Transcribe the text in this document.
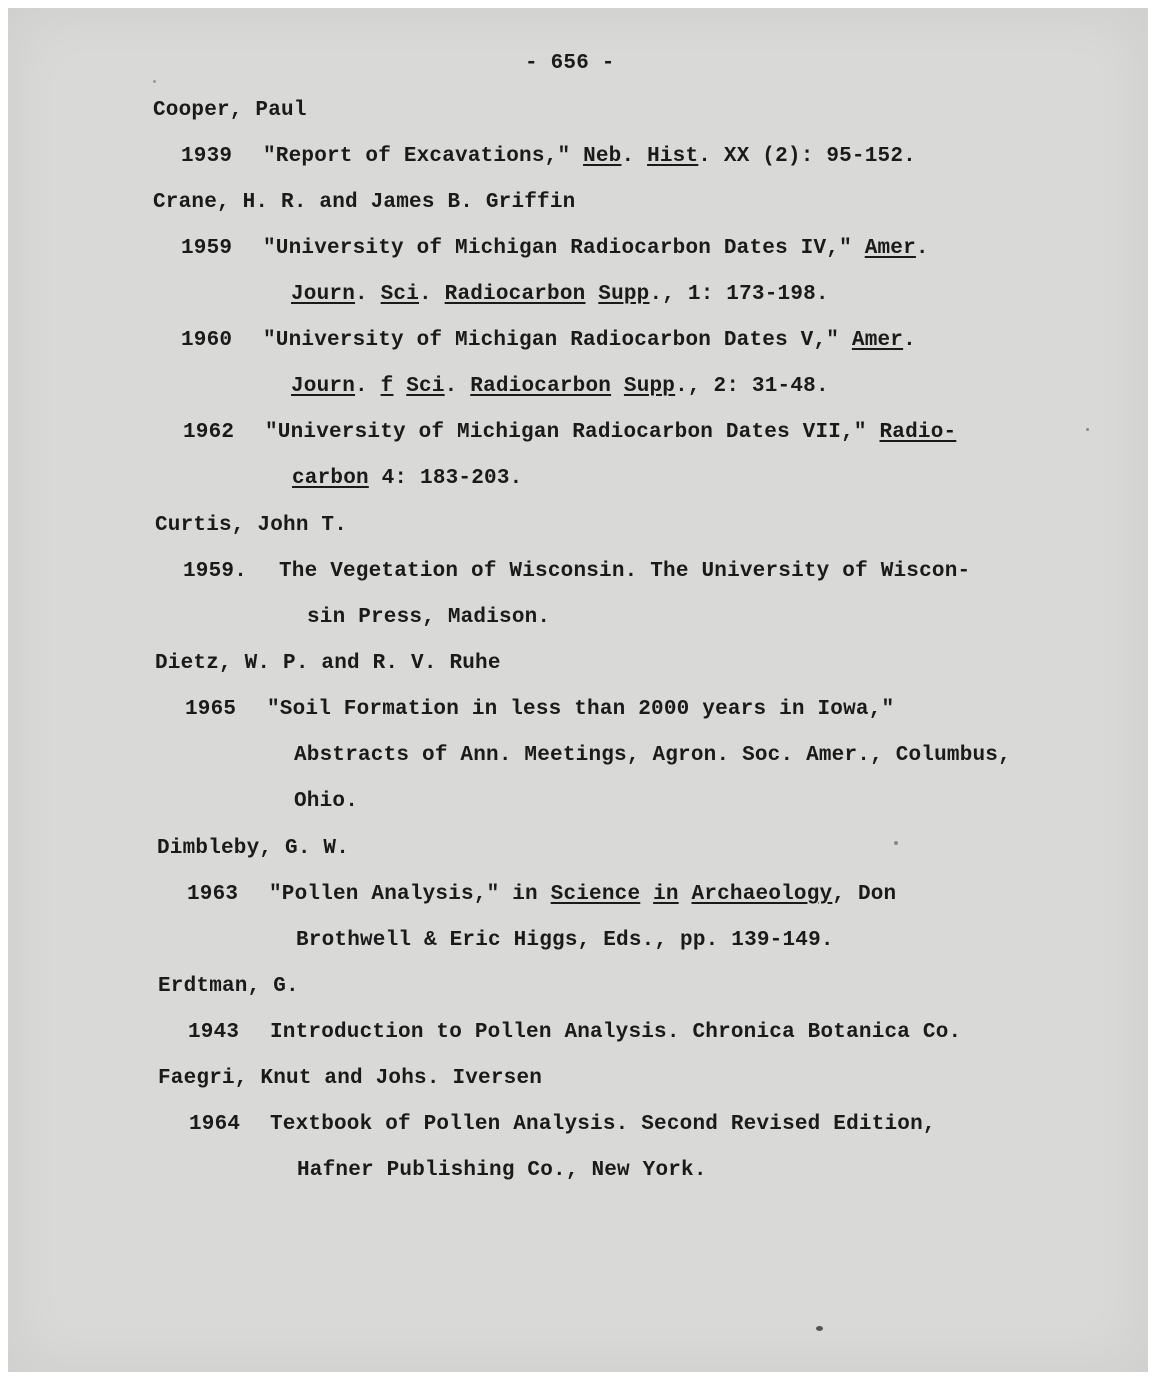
- 656 -
Cooper, Paul
1939 "Report of Excavations," Neb. Hist. XX (2): 95-152.
Crane, H. R. and James B. Griffin
1959 "University of Michigan Radiocarbon Dates IV," Amer.
Journ. Sci. Radiocarbon Supp., 1: 173-198.
1960 "University of Michigan Radiocarbon Dates V," Amer.
Journ. f Sci. Radiocarbon Supp., 2: 31-48.
1962 "University of Michigan Radiocarbon Dates VII," Radio-
carbon 4: 183-203.
Curtis, John T.
1959. The Vegetation of Wisconsin. The University of Wiscon-
sin Press, Madison.
Dietz, W. P. and R. V. Ruhe
1965 "Soil Formation in less than 2000 years in Iowa,"
Abstracts of Ann. Meetings, Agron. Soc. Amer., Columbus,
Ohio.
Dimbleby, G. W.
1963 "Pollen Analysis," in Science in Archaeology, Don
Brothwell & Eric Higgs, Eds., pp. 139-149.
Erdtman, G.
1943 Introduction to Pollen Analysis. Chronica Botanica Co.
Faegri, Knut and Johs. Iversen
1964 Textbook of Pollen Analysis. Second Revised Edition,
Hafner Publishing Co., New York.
